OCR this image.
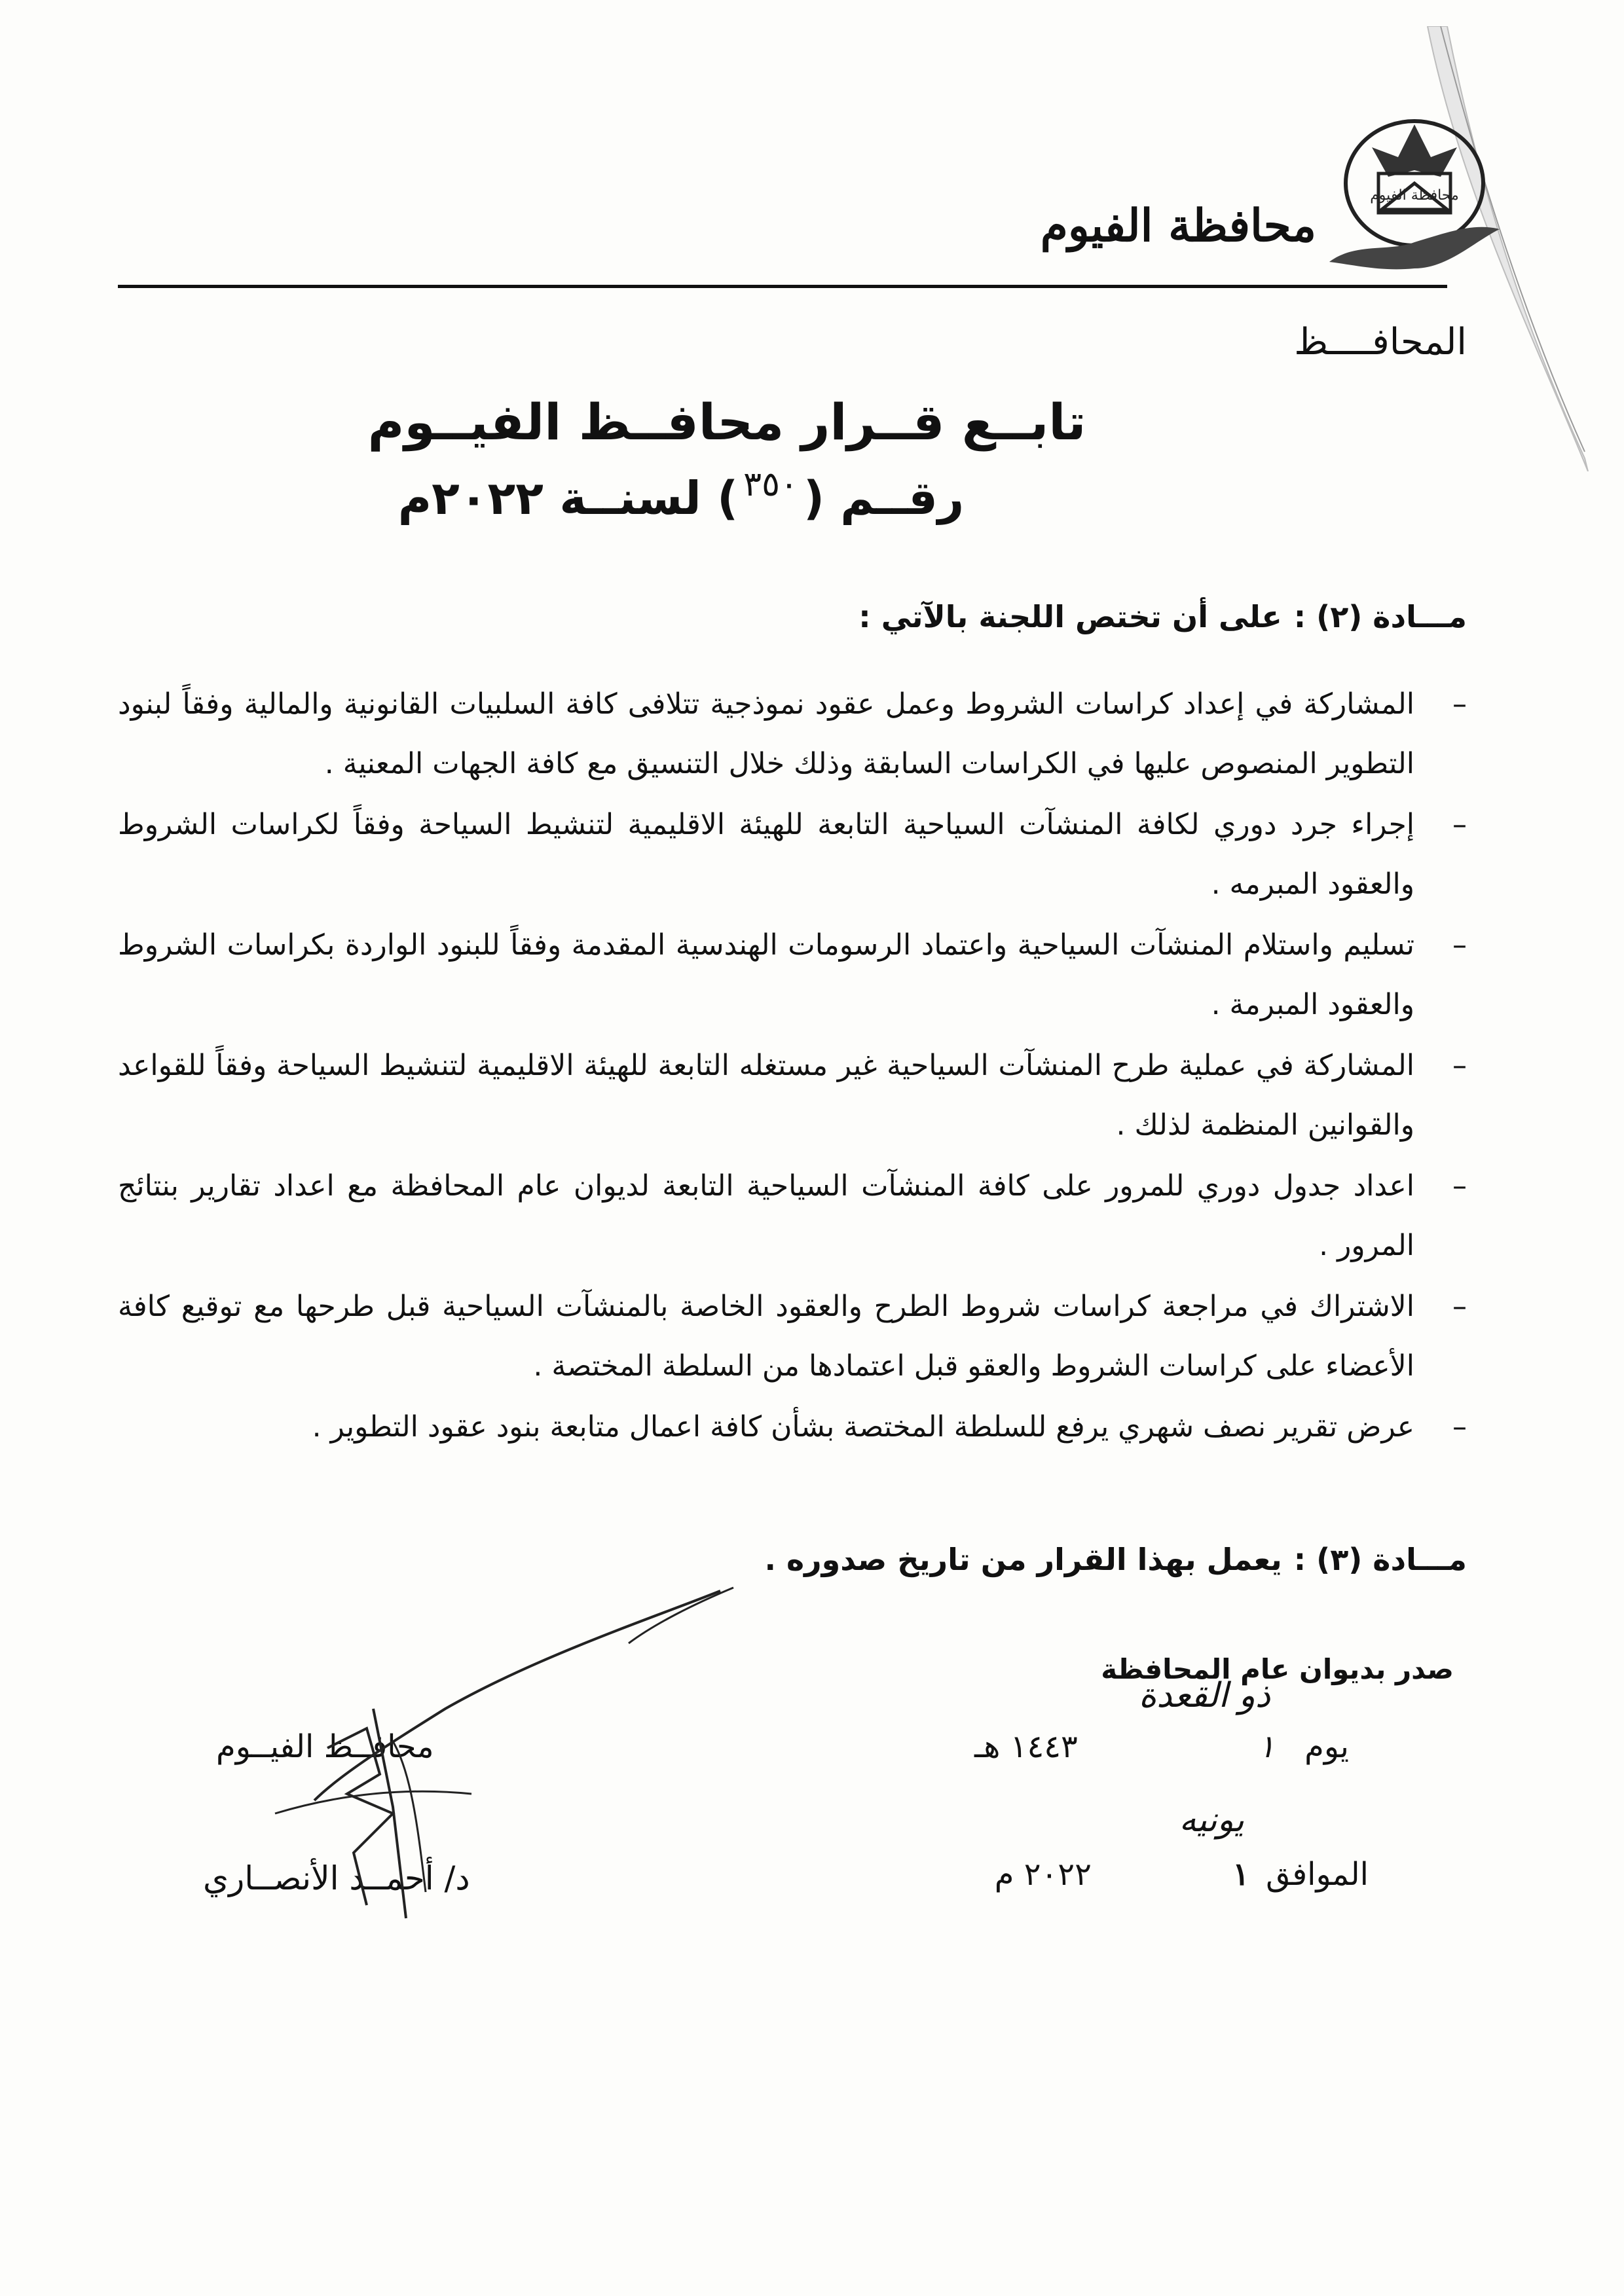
محافظة الفيوم
محافظة الفيوم
المحافــــظ
تابــع قــرار محافــظ الفيــوم
رقــم ($^{٣٥٠}$) لسنــة ٢٠٢٢م
مـــادة (٢) :على أن تختص اللجنة بالآتي :
–
المشاركة في إعداد كراسات الشروط وعمل عقود نموذجية تتلافى كافة السلبيات القانونية والمالية وفقاً لبنود التطوير المنصوص عليها في الكراسات السابقة وذلك خلال التنسيق مع كافة الجهات المعنية .
–
إجراء جرد دوري لكافة المنشآت السياحية التابعة للهيئة الاقليمية لتنشيط السياحة وفقاً لكراسات الشروط والعقود المبرمه .
–
تسليم واستلام المنشآت السياحية واعتماد الرسومات الهندسية المقدمة وفقاً للبنود الواردة بكراسات الشروط والعقود المبرمة .
–
المشاركة في عملية طرح المنشآت السياحية غير مستغله التابعة للهيئة الاقليمية لتنشيط السياحة وفقاً للقواعد والقوانين المنظمة لذلك .
–
اعداد جدول دوري للمرور على كافة المنشآت السياحية التابعة لديوان عام المحافظة مع اعداد تقارير بنتائج المرور .
–
الاشتراك في مراجعة كراسات شروط الطرح والعقود الخاصة بالمنشآت السياحية قبل طرحها مع توقيع كافة الأعضاء على كراسات الشروط والعقو قبل اعتمادها من السلطة المختصة .
–
عرض تقرير نصف شهري يرفع للسلطة المختصة بشأن كافة اعمال متابعة بنود عقود التطوير .
مـــادة (٣) :يعمل بهذا القرار من تاريخ صدوره .
صدر بديوان عام المحافظة
يوم
ذو القعدة
١ ١٤٤٣ هـ
الموافق ١
يونيه
٢٠٢٢ م
محافــظ الفيــوم
د/ أحمــد الأنصــاري
